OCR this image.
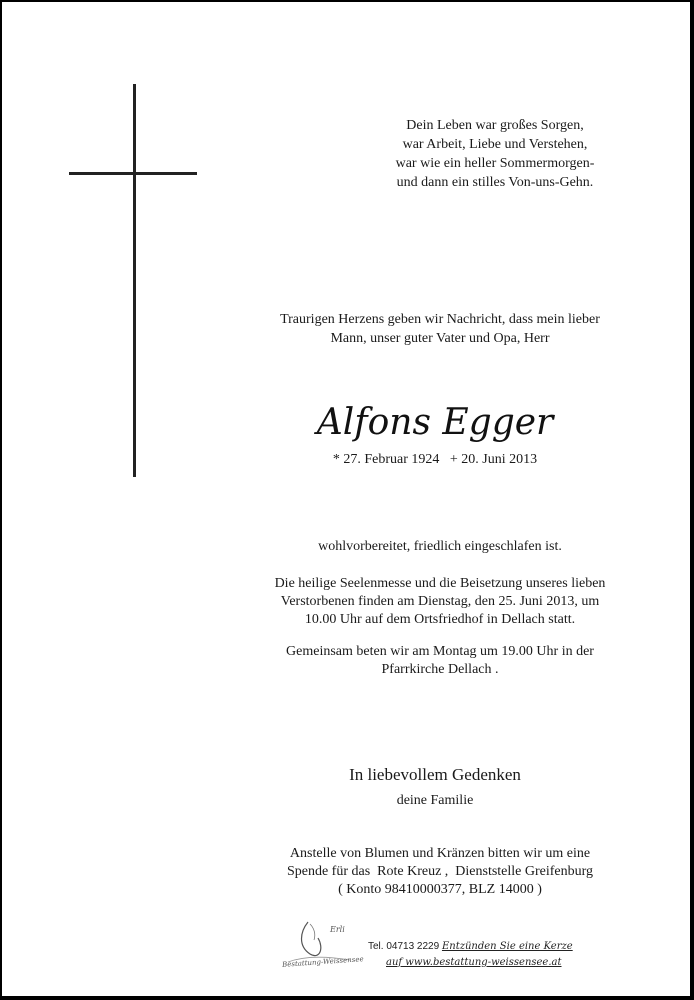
Dein Leben war großes Sorgen,
war Arbeit, Liebe und Verstehen,
war wie ein heller Sommermorgen-
und dann ein stilles Von-uns-Gehn.
Traurigen Herzens geben wir Nachricht, dass mein lieber
Mann, unser guter Vater und Opa, Herr
Alfons Egger
* 27. Februar 1924   + 20. Juni 2013
wohlvorbereitet, friedlich eingeschlafen ist.
Die heilige Seelenmesse und die Beisetzung unseres lieben
Verstorbenen finden am Dienstag, den 25. Juni 2013, um
10.00 Uhr auf dem Ortsfriedhof in Dellach statt.
Gemeinsam beten wir am Montag um 19.00 Uhr in der
Pfarrkirche Dellach .
In liebevollem Gedenken
deine Familie
Anstelle von Blumen und Kränzen bitten wir um eine
Spende für das  Rote Kreuz ,  Dienststelle Greifenburg
( Konto 98410000377, BLZ 14000 )
Erli
Bestattung-Weissensee
Tel. 04713 2229 Entzünden Sie eine Kerze
auf www.bestattung-weissensee.at
